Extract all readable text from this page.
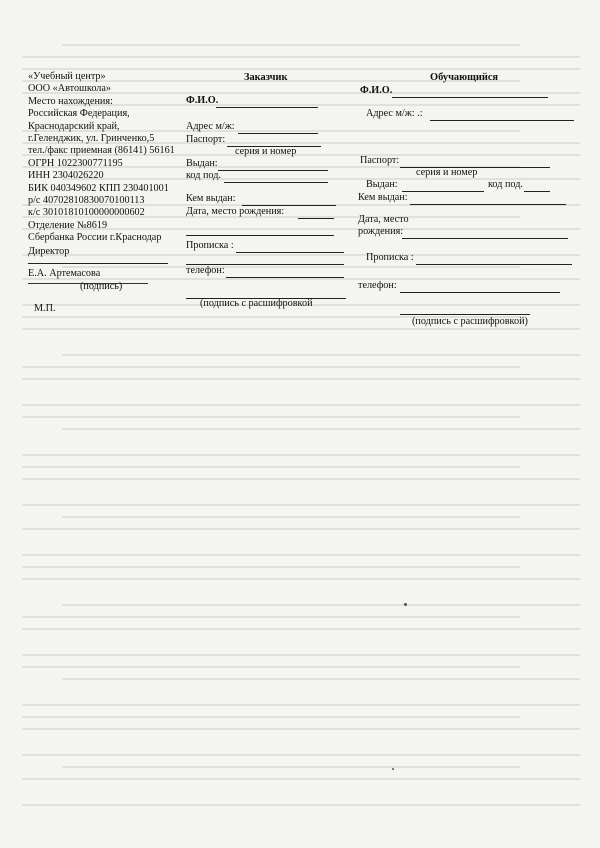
«Учебный центр»
ООО «Автошкола»
Место нахождения:
Российская Федерация,
Краснодарский край,
г.Геленджик, ул. Гринченко,5
тел./факс приемная (86141) 56161
ОГРН 1022300771195
ИНН 2304026220
БИК 040349602 КПП 230401001
р/с 40702810830070100113
к/с 30101810100000000602
Отделение №8619
Сбербанка России г.Краснодар
Директор
Е.А. Артемасова
(подпись)
М.П.
Заказчик
Ф.И.О.
Адрес м/ж:
Паспорт:
серия и номер
Выдан:
код под.
Кем выдан:
Дата, место рождения:
Прописка :
телефон:
(подпись с расшифровкой
Обучающийся
Ф.И.О.
Адрес м/ж: .:
Паспорт:
серия и номер
Выдан:	код под.
Кем выдан:
Дата, место
рождения:
Прописка :
телефон:
(подпись с расшифровкой)
